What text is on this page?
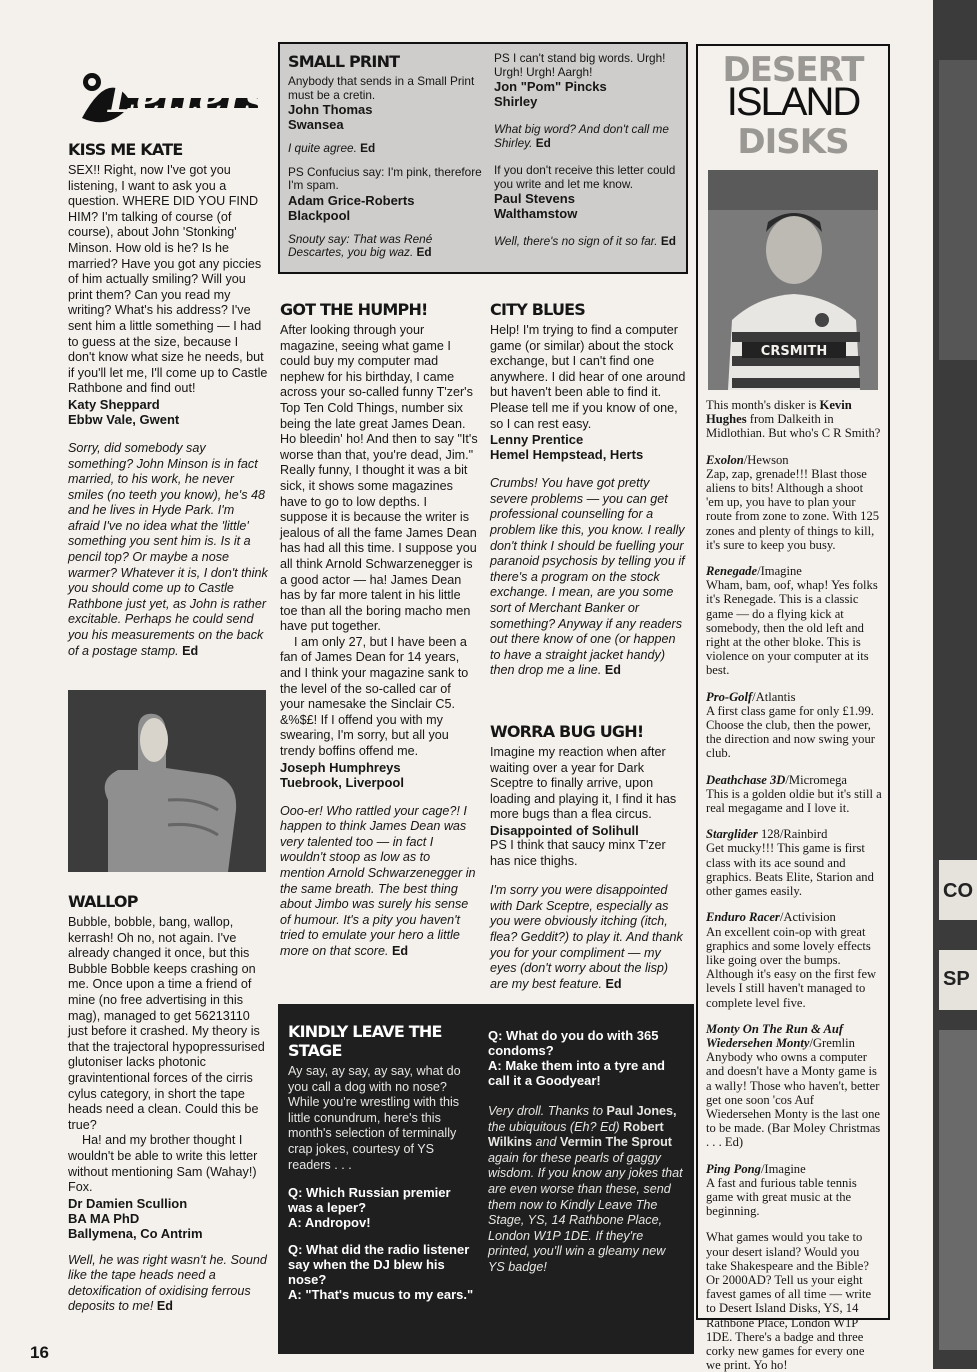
CO
SP
Letters
KISS ME KATE

SEX!! Right, now I've got you listening, I want to ask you a question. WHERE DID YOU FIND HIM? I'm talking of course (of course), about John 'Stonking' Minson. How old is he? Is he married? Have you got any piccies of him actually smiling? Will you print them? Can you read my writing? What's his address? I've sent him a little something — I had to guess at the size, because I don't know what size he needs, but if you'll let me, I'll come up to Castle Rathbone and find out!

Katy Sheppard
Ebbw Vale, Gwent

Sorry, did somebody say something? John Minson is in fact married, to his work, he never smiles (no teeth you know), he's 48 and he lives in Hyde Park. I'm afraid I've no idea what the 'little' something you sent him is. Is it a pencil top? Or maybe a nose warmer? Whatever it is, I don't think you should come up to Castle Rathbone just yet, as John is rather excitable. Perhaps he could send you his measurements on the back of a postage stamp. Ed

WALLOP

Bubble, bobble, bang, wallop, kerrash! Oh no, not again. I've already changed it once, but this Bubble Bobble keeps crashing on me. Once upon a time a friend of mine (no free advertising in this mag), managed to get 56213110 just before it crashed. My theory is that the trajectoral hypopressurised glutoniser lacks photonic gravintentional forces of the cirris cylus category, in short the tape heads need a clean. Could this be true?

Ha! and my brother thought I wouldn't be able to write this letter without mentioning Sam (Wahay!) Fox.

Dr Damien Scullion
BA MA PhD
Ballymena, Co Antrim

Well, he was right wasn't he. Sound like the tape heads need a detoxification of oxidising ferrous deposits to me! Ed

16
SMALL PRINT

Anybody that sends in a Small Print must be a cretin.

John Thomas
Swansea

I quite agree. Ed

PS Confucius say: I'm pink, therefore I'm spam.

Adam Grice-Roberts
Blackpool

Snouty say: That was René Descartes, you big waz. Ed

PS I can't stand big words. Urgh! Urgh! Urgh! Aargh!

Jon "Pom" Pincks
Shirley

What big word? And don't call me Shirley. Ed

If you don't receive this letter could you write and let me know.

Paul Stevens
Walthamstow

Well, there's no sign of it so far. Ed

GOT THE HUMPH!

After looking through your magazine, seeing what game I could buy my computer mad nephew for his birthday, I came across your so-called funny T'zer's Top Ten Cold Things, number six being the late great James Dean. Ho bleedin' ho! And then to say "It's worse than that, you're dead, Jim." Really funny, I thought it was a bit sick, it shows some magazines have to go to low depths. I suppose it is because the writer is jealous of all the fame James Dean has had all this time. I suppose you all think Arnold Schwarzenegger is a good actor — ha! James Dean has by far more talent in his little toe than all the boring macho men have put together.

I am only 27, but I have been a fan of James Dean for 14 years, and I think your magazine sank to the level of the so-called car of your namesake the Sinclair C5. &%$£! If I offend you with my swearing, I'm sorry, but all you trendy boffins offend me.

Joseph Humphreys
Tuebrook, Liverpool

Ooo-er! Who rattled your cage?! I happen to think James Dean was very talented too — in fact I wouldn't stoop as low as to mention Arnold Schwarzenegger in the same breath. The best thing about Jimbo was surely his sense of humour. It's a pity you haven't tried to emulate your hero a little more on that score. Ed

CITY BLUES

Help! I'm trying to find a computer game (or similar) about the stock exchange, but I can't find one anywhere. I did hear of one around but haven't been able to find it. Please tell me if you know of one, so I can rest easy.

Lenny Prentice
Hemel Hempstead, Herts

Crumbs! You have got pretty severe problems — you can get professional counselling for a problem like this, you know. I really don't think I should be fuelling your paranoid psychosis by telling you if there's a program on the stock exchange. I mean, are you some sort of Merchant Banker or something? Anyway if any readers out there know of one (or happen to have a straight jacket handy) then drop me a line. Ed

WORRA BUG UGH!

Imagine my reaction when after waiting over a year for Dark Sceptre to finally arrive, upon loading and playing it, I find it has more bugs than a flea circus.

Disappointed of Solihull

PS I think that saucy minx T'zer has nice thighs.

I'm sorry you were disappointed with Dark Sceptre, especially as you were obviously itching (itch, flea? Geddit?) to play it. And thank you for your compliment — my eyes (don't worry about the lisp) are my best feature. Ed

KINDLY LEAVE THE STAGE

Ay say, ay say, ay say, what do you call a dog with no nose? While you're wrestling with this little conundrum, here's this month's selection of terminally crap jokes, courtesy of YS readers . . .

Q: Which Russian premier was a leper?
A: Andropov!
Q: What did the radio listener say when the DJ blew his nose?
A: "That's mucus to my ears."
Q: What do you do with 365 condoms?
A: Make them into a tyre and call it a Goodyear!

Very droll. Thanks to Paul Jones, the ubiquitous (Eh? Ed) Robert Wilkins and Vermin The Sprout again for these pearls of gaggy wisdom. If you know any jokes that are even worse than these, send them now to Kindly Leave The Stage, YS, 14 Rathbone Place, London W1P 1DE. If they're printed, you'll win a gleamy new YS badge!

DESERT
ISLAND
DISKS
CRSMITH

This month's disker is Kevin Hughes from Dalkeith in Midlothian. But who's C R Smith?

Exolon/Hewson
Zap, zap, grenade!!! Blast those aliens to bits! Although a shoot 'em up, you have to plan your route from zone to zone. With 125 zones and plenty of things to kill, it's sure to keep you busy.
Renegade/Imagine
Wham, bam, oof, whap! Yes folks it's Renegade. This is a classic game — do a flying kick at somebody, then the old left and right at the other bloke. This is violence on your computer at its best.
Pro-Golf/Atlantis
A first class game for only £1.99. Choose the club, then the power, the direction and now swing your club.
Deathchase 3D/Micromega
This is a golden oldie but it's still a real megagame and I love it.
Starglider 128/Rainbird
Get mucky!!! This game is first class with its ace sound and graphics. Beats Elite, Starion and other games easily.
Enduro Racer/Activision
An excellent coin-op with great graphics and some lovely effects like going over the bumps. Although it's easy on the first few levels I still haven't managed to complete level five.
Monty On The Run & Auf Wiedersehen Monty/Gremlin
Anybody who owns a computer and doesn't have a Monty game is a wally! Those who haven't, better get one soon 'cos Auf Wiedersehen Monty is the last one to be made. (Bar Moley Christmas . . . Ed)
Ping Pong/Imagine
A fast and furious table tennis game with great music at the beginning.

What games would you take to your desert island? Would you take Shakespeare and the Bible? Or 2000AD? Tell us your eight favest games of all time — write to Desert Island Disks, YS, 14 Rathbone Place, London W1P 1DE. There's a badge and three corky new games for every one we print. Yo ho!
